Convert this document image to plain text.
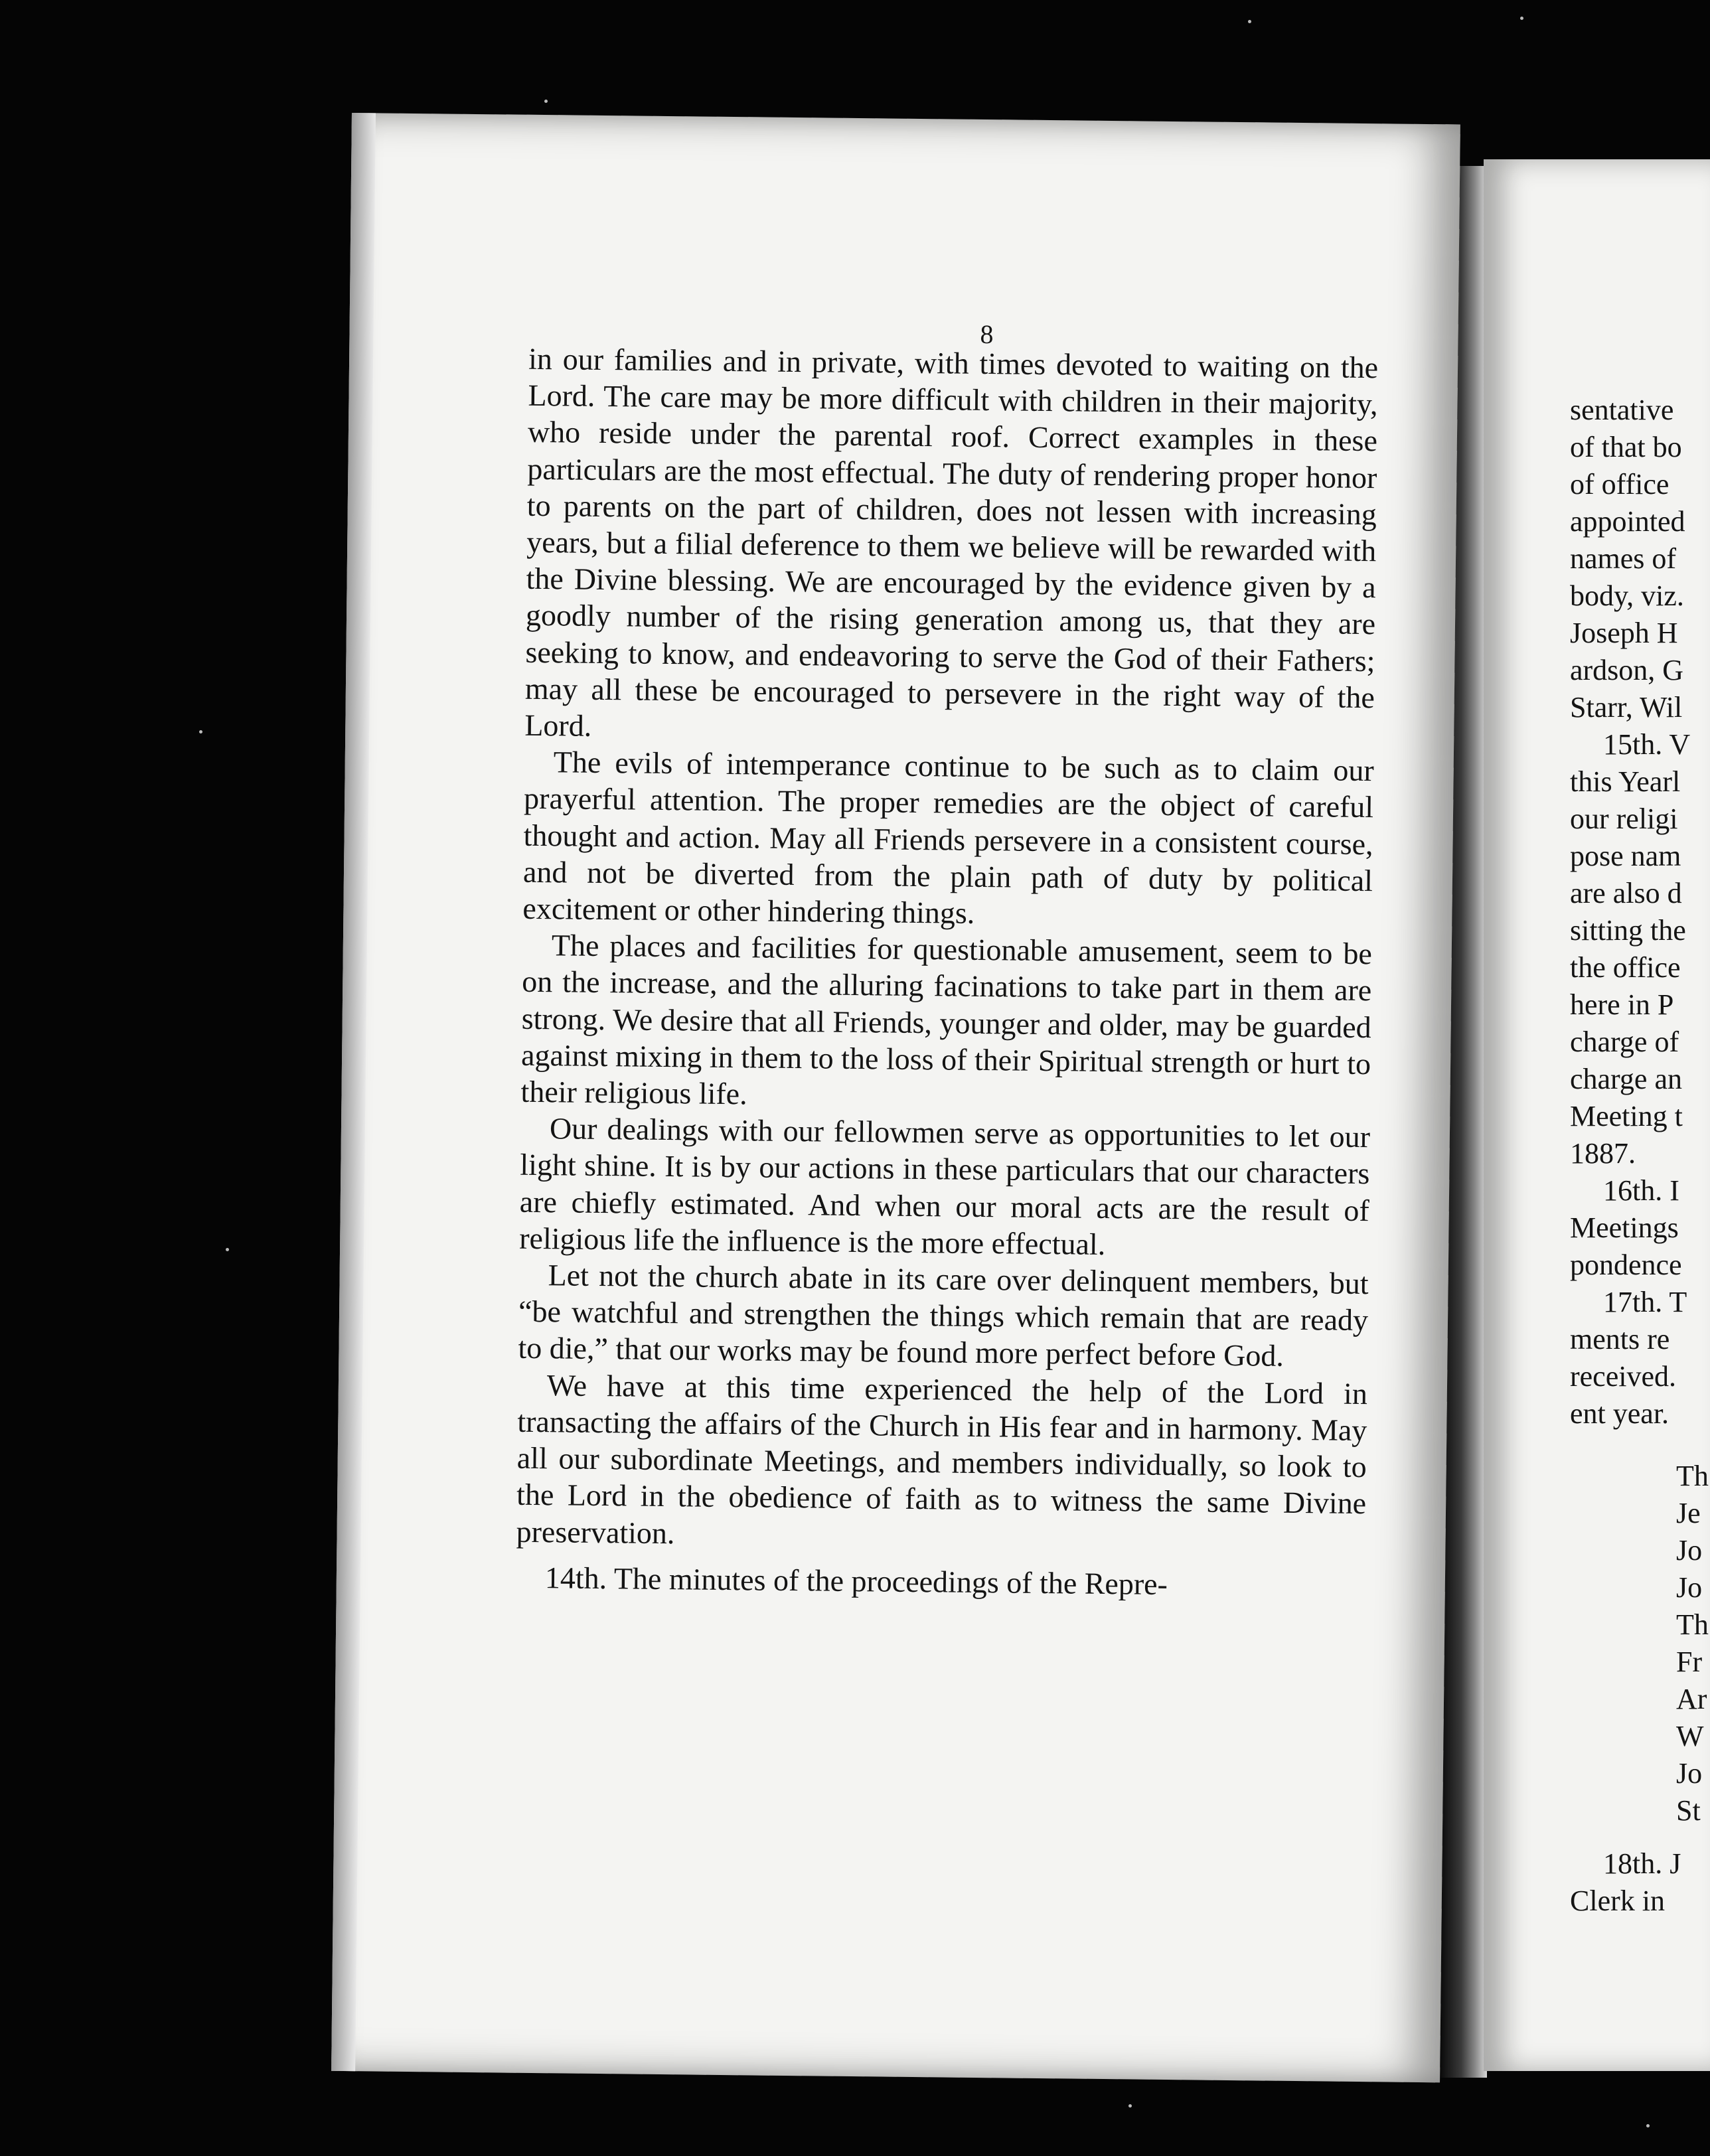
8

in our families and in private, with times devoted to waiting on the Lord. The care may be more difficult with children in their majority, who reside under the parental roof. Correct examples in these particulars are the most effectual. The duty of rendering proper honor to parents on the part of children, does not lessen with increasing years, but a filial deference to them we believe will be rewarded with the Divine blessing. We are encouraged by the evidence given by a goodly number of the rising generation among us, that they are seeking to know, and endeavoring to serve the God of their Fathers; may all these be encouraged to persevere in the right way of the Lord.

The evils of intemperance continue to be such as to claim our prayerful attention. The proper remedies are the object of careful thought and action. May all Friends persevere in a consistent course, and not be diverted from the plain path of duty by political excitement or other hindering things.

The places and facilities for questionable amusement, seem to be on the increase, and the alluring facinations to take part in them are strong. We desire that all Friends, younger and older, may be guarded against mixing in them to the loss of their Spiritual strength or hurt to their religious life.

Our dealings with our fellowmen serve as opportunities to let our light shine. It is by our actions in these particulars that our characters are chiefly estimated. And when our moral acts are the result of religious life the influence is the more effectual.

Let not the church abate in its care over delinquent members, but “be watchful and strengthen the things which remain that are ready to die,” that our works may be found more perfect before God.

We have at this time experienced the help of the Lord in transacting the affairs of the Church in His fear and in harmony. May all our subordinate Meetings, and members individually, so look to the Lord in the obedience of faith as to witness the same Divine preservation.

14th. The minutes of the proceedings of the Repre-

sentative
of that bo
of office
appointed
names of
body, viz.
Joseph H
ardson, G
Starr, Wil
15th. V
this Yearl
our religi
pose nam
are also d
sitting the
the office
here in P
charge of
charge an
Meeting t
1887.
16th. I
Meetings
pondence
17th. T
ments re
received.
ent year.
Th
Je
Jo
Jo
Th
Fr
Ar
W
Jo
St
18th. J
Clerk in
